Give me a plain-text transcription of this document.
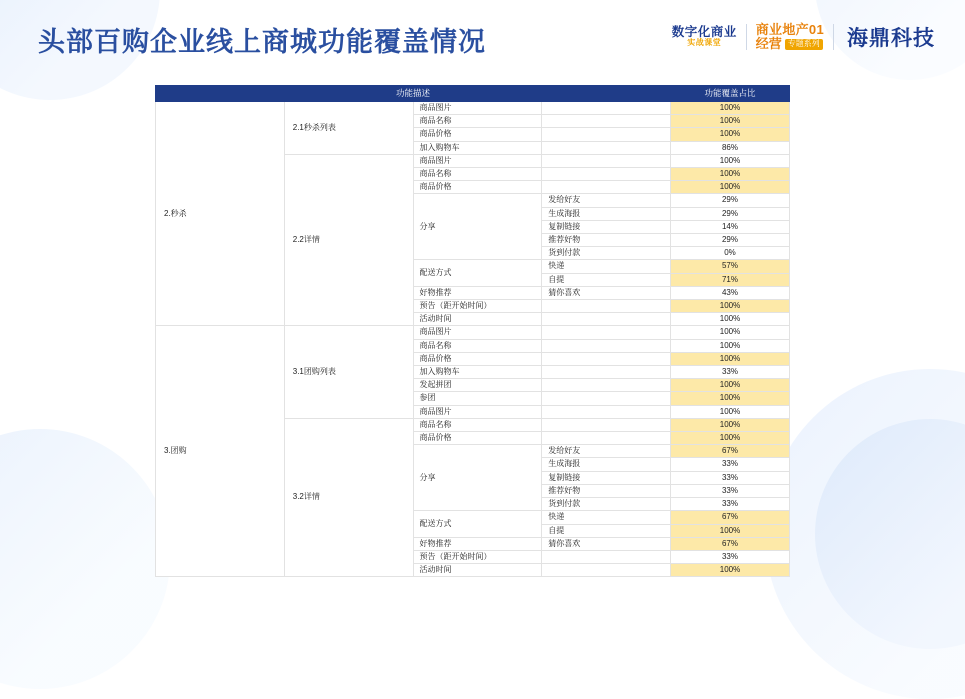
头部百购企业线上商城功能覆盖情况	数字化商业
实战课堂
商业地产01
经营 专题系列 海鼎科技
功能描述				功能覆盖占比
2.秒杀	2.1秒杀列表	商品图片		100%
		商品名称		100%
		商品价格		100%
		加入购物车		86%
	2.2详情	商品图片		100%
		商品名称		100%
		商品价格		100%
		分享	发给好友	29%
			生成海报	29%
			复制链接	14%
			推荐好物	29%
			货到付款	0%
		配送方式	快递	57%
			自提	71%
		好物推荐	猜你喜欢	43%
		预告（距开始时间）		100%
		活动时间		100%
3.团购	3.1团购列表	商品图片		100%
		商品名称		100%
		商品价格		100%
		加入购物车		33%
		发起拼团		100%
		参团		100%
		商品图片		100%
	3.2详情	商品名称		100%
		商品价格		100%
		分享	发给好友	67%
			生成海报	33%
			复制链接	33%
			推荐好物	33%
			货到付款	33%
		配送方式	快递	67%
			自提	100%
		好物推荐	猜你喜欢	67%
		预告（距开始时间）		33%
		活动时间		100%
